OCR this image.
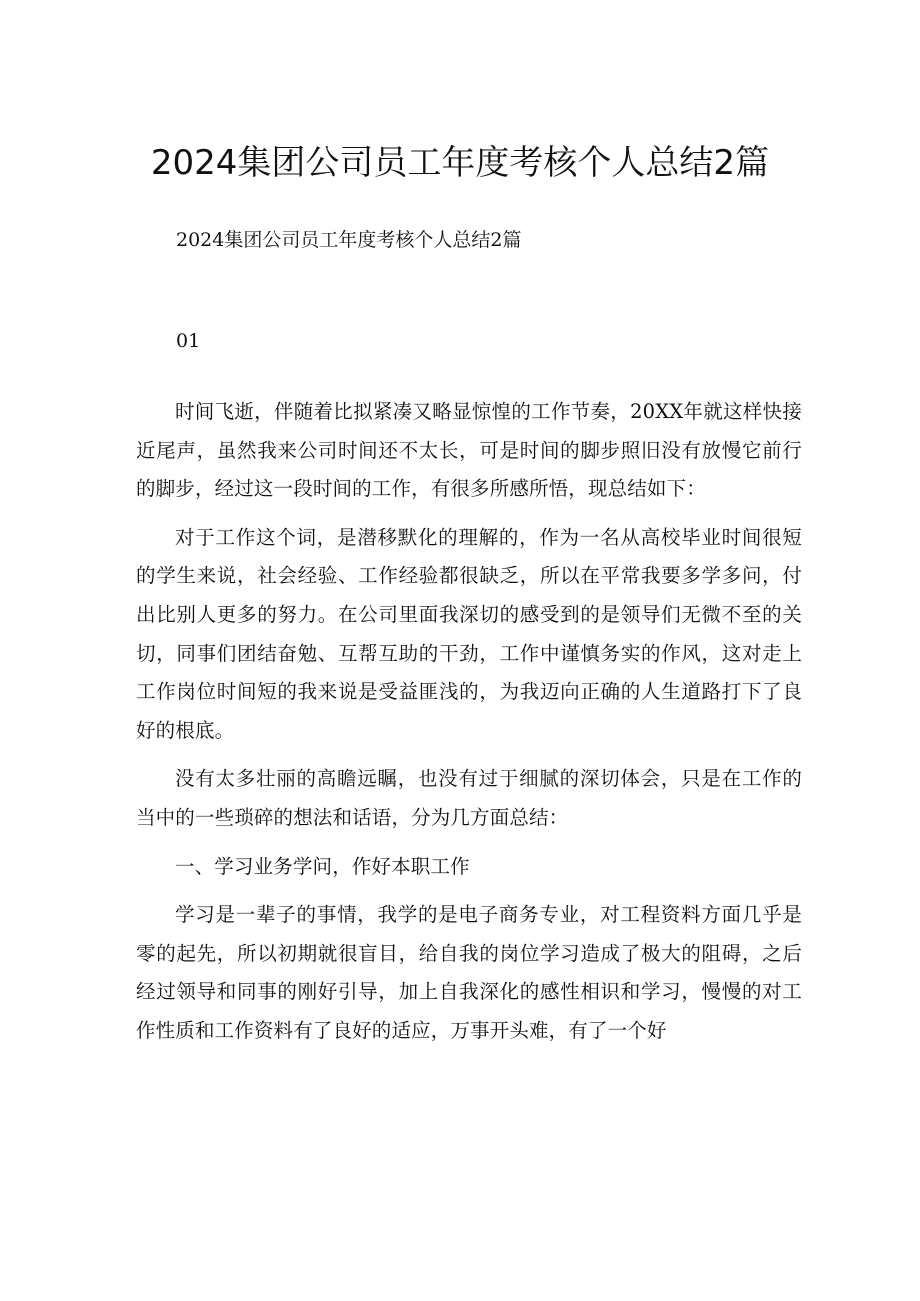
2024集团公司员工年度考核个人总结2篇
2024集团公司员工年度考核个人总结2篇
01

时间飞逝，伴随着比拟紧凑又略显惊惶的工作节奏，20XX年就这样快接近尾声，虽然我来公司时间还不太长，可是时间的脚步照旧没有放慢它前行的脚步，经过这一段时间的工作，有很多所感所悟，现总结如下：

对于工作这个词，是潜移默化的理解的，作为一名从高校毕业时间很短的学生来说，社会经验、工作经验都很缺乏，所以在平常我要多学多问，付出比别人更多的努力。在公司里面我深切的感受到的是领导们无微不至的关切，同事们团结奋勉、互帮互助的干劲，工作中谨慎务实的作风，这对走上工作岗位时间短的我来说是受益匪浅的，为我迈向正确的人生道路打下了良好的根底。

没有太多壮丽的高瞻远瞩，也没有过于细腻的深切体会，只是在工作的当中的一些琐碎的想法和话语，分为几方面总结：

一、学习业务学问，作好本职工作

学习是一辈子的事情，我学的是电子商务专业，对工程资料方面几乎是零的起先，所以初期就很盲目，给自我的岗位学习造成了极大的阻碍，之后经过领导和同事的刚好引导，加上自我深化的感性相识和学习，慢慢的对工作性质和工作资料有了良好的适应，万事开头难，有了一个好
